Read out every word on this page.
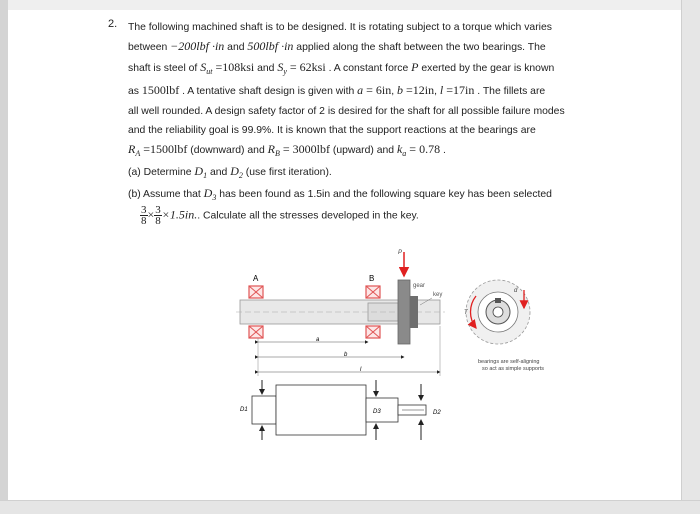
2. The following machined shaft is to be designed. It is rotating subject to a torque which varies
between −200lbf ·in and 500lbf ·in applied along the shaft between the two bearings. The
shaft is steel of $S_{ut} =108ksi$ and $S_y = 62ksi$ . A constant force P exerted by the gear is known
as 1500lbf . A tentative shaft design is given with a = 6in, b =12in, l =17in . The fillets are
all well rounded. A design safety factor of 2 is desired for the shaft for all possible failure modes
and the reliability goal is 99.9%. It is known that the support reactions at the bearings are
$R_A =1500lbf$ (downward) and $R_B = 3000lbf$ (upward) and $k_a = 0.78$ .
(a) Determine $D_1$ and $D_2$ (use first iteration).
(b) Assume that $D_3$ has been found as 1.5in and the following square key has been selected
$\frac{3}{8} \times \frac{3}{8} \times 1.5in$.. Calculate all the stresses developed in the key.
A	B
gear
key
P
a
b
l
D1	D3	D2
T
d
bearings are self-aligning
so act as simple supports
